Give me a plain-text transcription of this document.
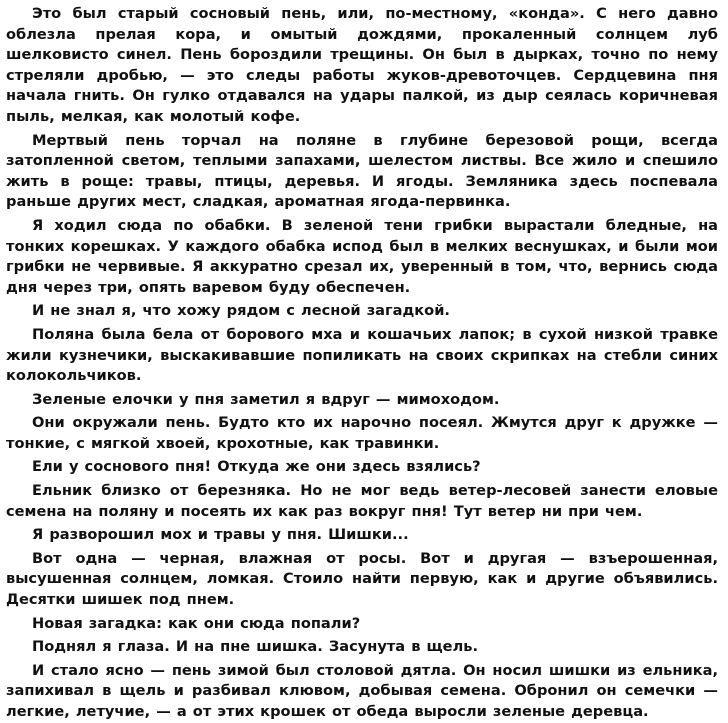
Это был старый сосновый пень, или, по-местному, «конда». С него давно облезла прелая кора, и омытый дождями, прокаленный солнцем луб шелковисто синел. Пень бороздили трещины. Он был в дырках, точно по нему стреляли дробью, — это следы работы жуков-древоточцев. Сердцевина пня начала гнить. Он гулко отдавался на удары палкой, из дыр сеялась коричневая пыль, мелкая, как молотый кофе.

Мертвый пень торчал на поляне в глубине березовой рощи, всегда затопленной светом, теплыми запахами, шелестом листвы. Все жило и спешило жить в роще: травы, птицы, деревья. И ягоды. Земляника здесь поспевала раньше других мест, сладкая, ароматная ягода-первинка.

Я ходил сюда по обабки. В зеленой тени грибки вырастали бледные, на тонких корешках. У каждого обабка испод был в мелких веснушках, и были мои грибки не червивые. Я аккуратно срезал их, уверенный в том, что, вернись сюда дня через три, опять варевом буду обеспечен.

И не знал я, что хожу рядом с лесной загадкой.

Поляна была бела от борового мха и кошачьих лапок; в сухой низкой травке жили кузнечики, выскакивавшие попиликать на своих скрипках на стебли синих колокольчиков.

Зеленые елочки у пня заметил я вдруг — мимоходом.

Они окружали пень. Будто кто их нарочно посеял. Жмутся друг к дружке — тонкие, с мягкой хвоей, крохотные, как травинки.

Ели у соснового пня! Откуда же они здесь взялись?

Ельник близко от березняка. Но не мог ведь ветер-лесовей занести еловые семена на поляну и посеять их как раз вокруг пня! Тут ветер ни при чем.

Я разворошил мох и травы у пня. Шишки...

Вот одна — черная, влажная от росы. Вот и другая — взъерошенная, высушенная солнцем, ломкая. Стоило найти первую, как и другие объявились. Десятки шишек под пнем.

Новая загадка: как они сюда попали?

Поднял я глаза. И на пне шишка. Засунута в щель.

И стало ясно — пень зимой был столовой дятла. Он носил шишки из ельника, запихивал в щель и разбивал клювом, добывая семена. Обронил он семечки — легкие, летучие, — а от этих крошек от обеда выросли зеленые деревца.
